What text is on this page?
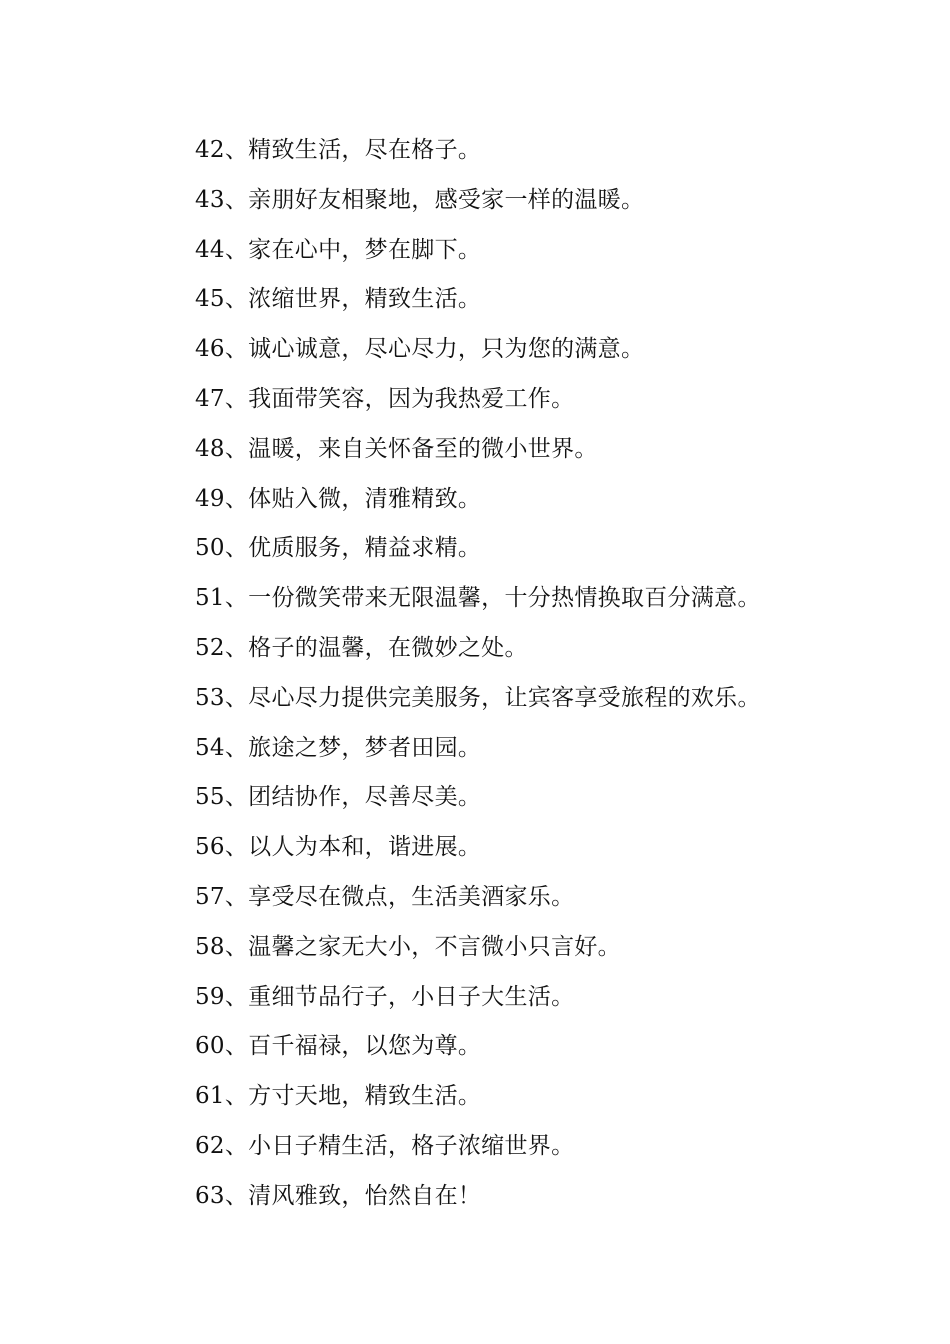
42、精致生活，尽在格子。
43、亲朋好友相聚地，感受家一样的温暖。
44、家在心中，梦在脚下。
45、浓缩世界，精致生活。
46、诚心诚意，尽心尽力，只为您的满意。
47、我面带笑容，因为我热爱工作。
48、温暖，来自关怀备至的微小世界。
49、体贴入微，清雅精致。
50、优质服务，精益求精。
51、一份微笑带来无限温馨，十分热情换取百分满意。
52、格子的温馨，在微妙之处。
53、尽心尽力提供完美服务，让宾客享受旅程的欢乐。
54、旅途之梦，梦者田园。
55、团结协作，尽善尽美。
56、以人为本和，谐进展。
57、享受尽在微点，生活美酒家乐。
58、温馨之家无大小，不言微小只言好。
59、重细节品行子，小日子大生活。
60、百千福禄，以您为尊。
61、方寸天地，精致生活。
62、小日子精生活，格子浓缩世界。
63、清风雅致，怡然自在！
